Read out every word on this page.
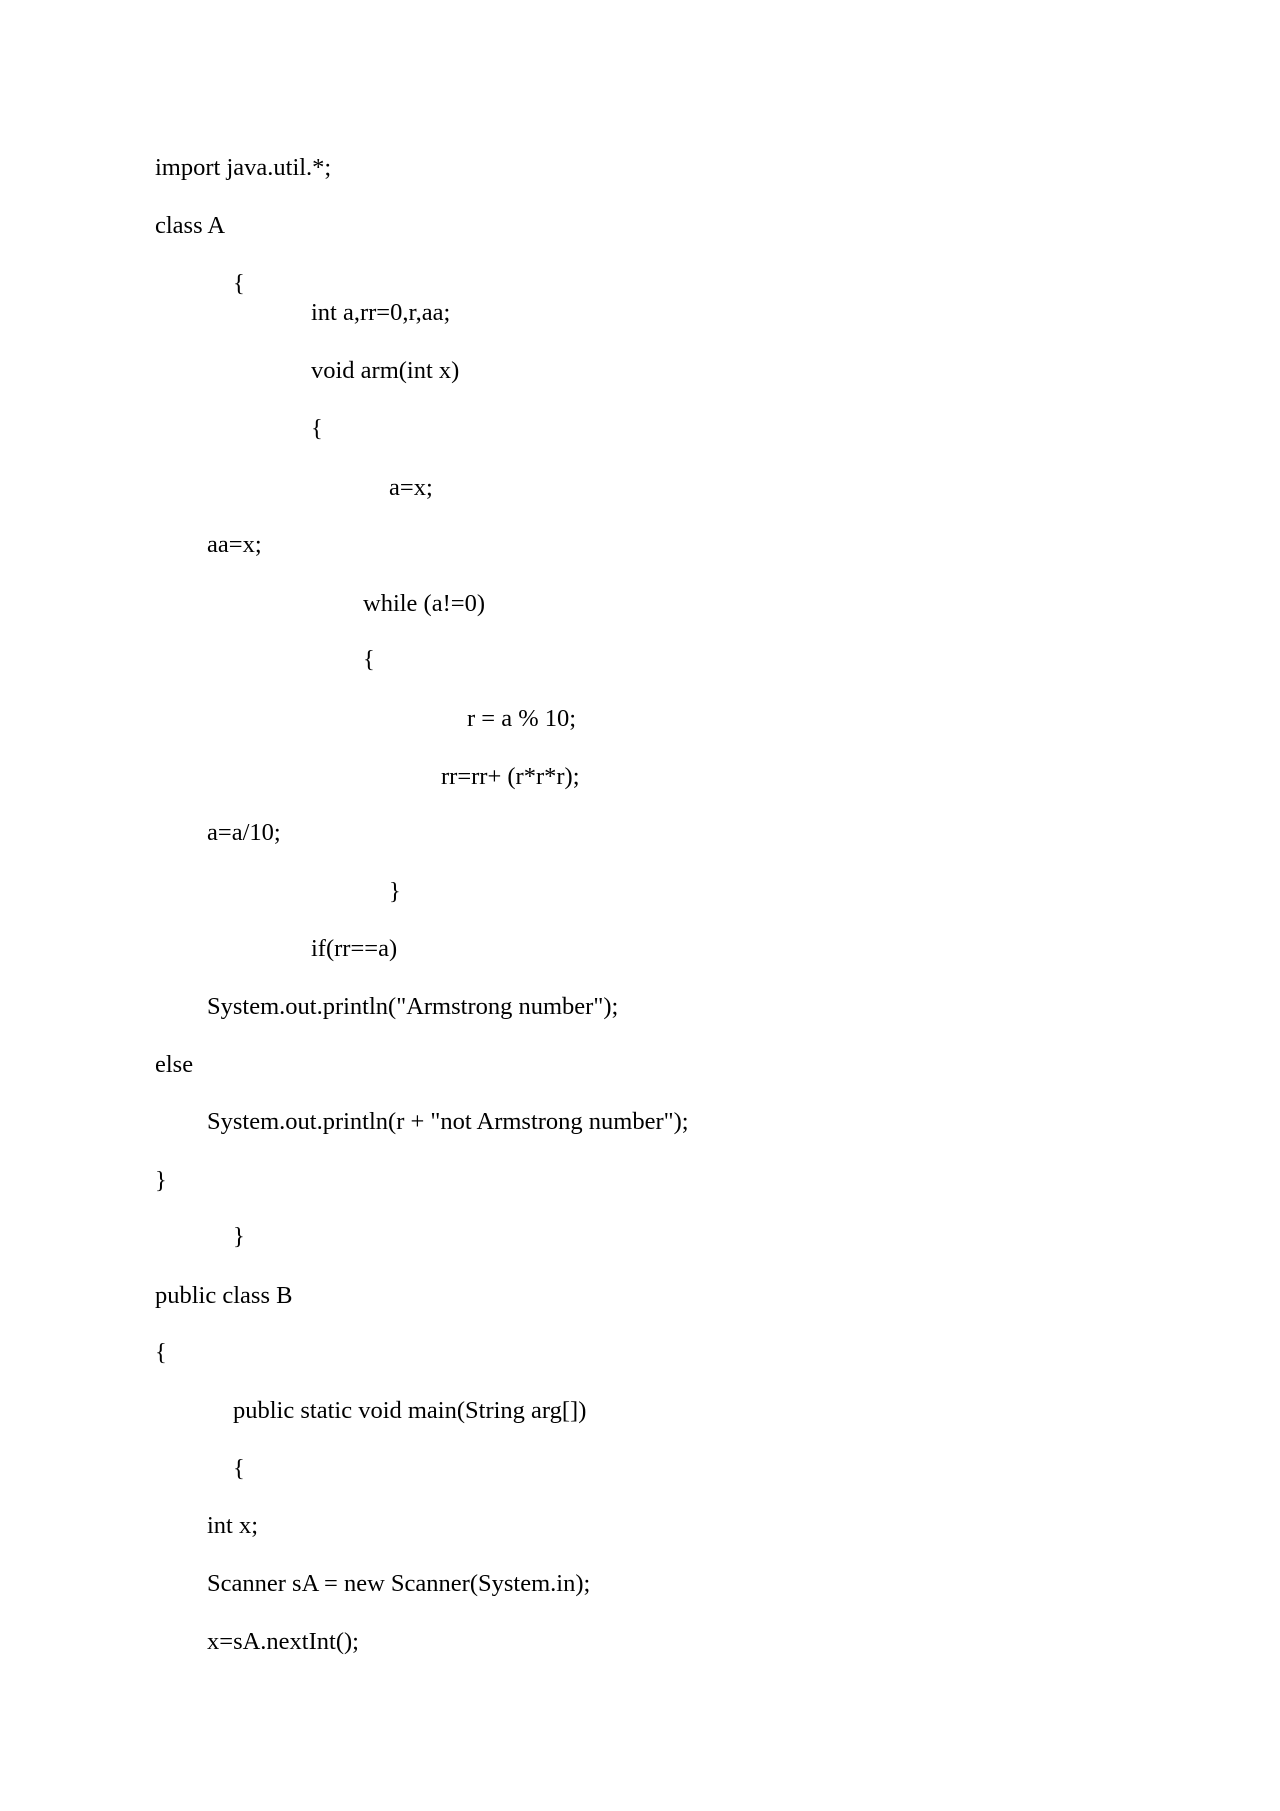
import java.util.*;

class A

{

int a,rr=0,r,aa;

void arm(int x)

{

a=x;

aa=x;

while (a!=0)

{

r = a % 10;

rr=rr+ (r*r*r);

a=a/10;

}

if(rr==a)

System.out.println("Armstrong number");

else

System.out.println(r + "not Armstrong number");

}

}

public class B

{

public static void main(String arg[])

{

int x;

Scanner sA = new Scanner(System.in);

x=sA.nextInt();
